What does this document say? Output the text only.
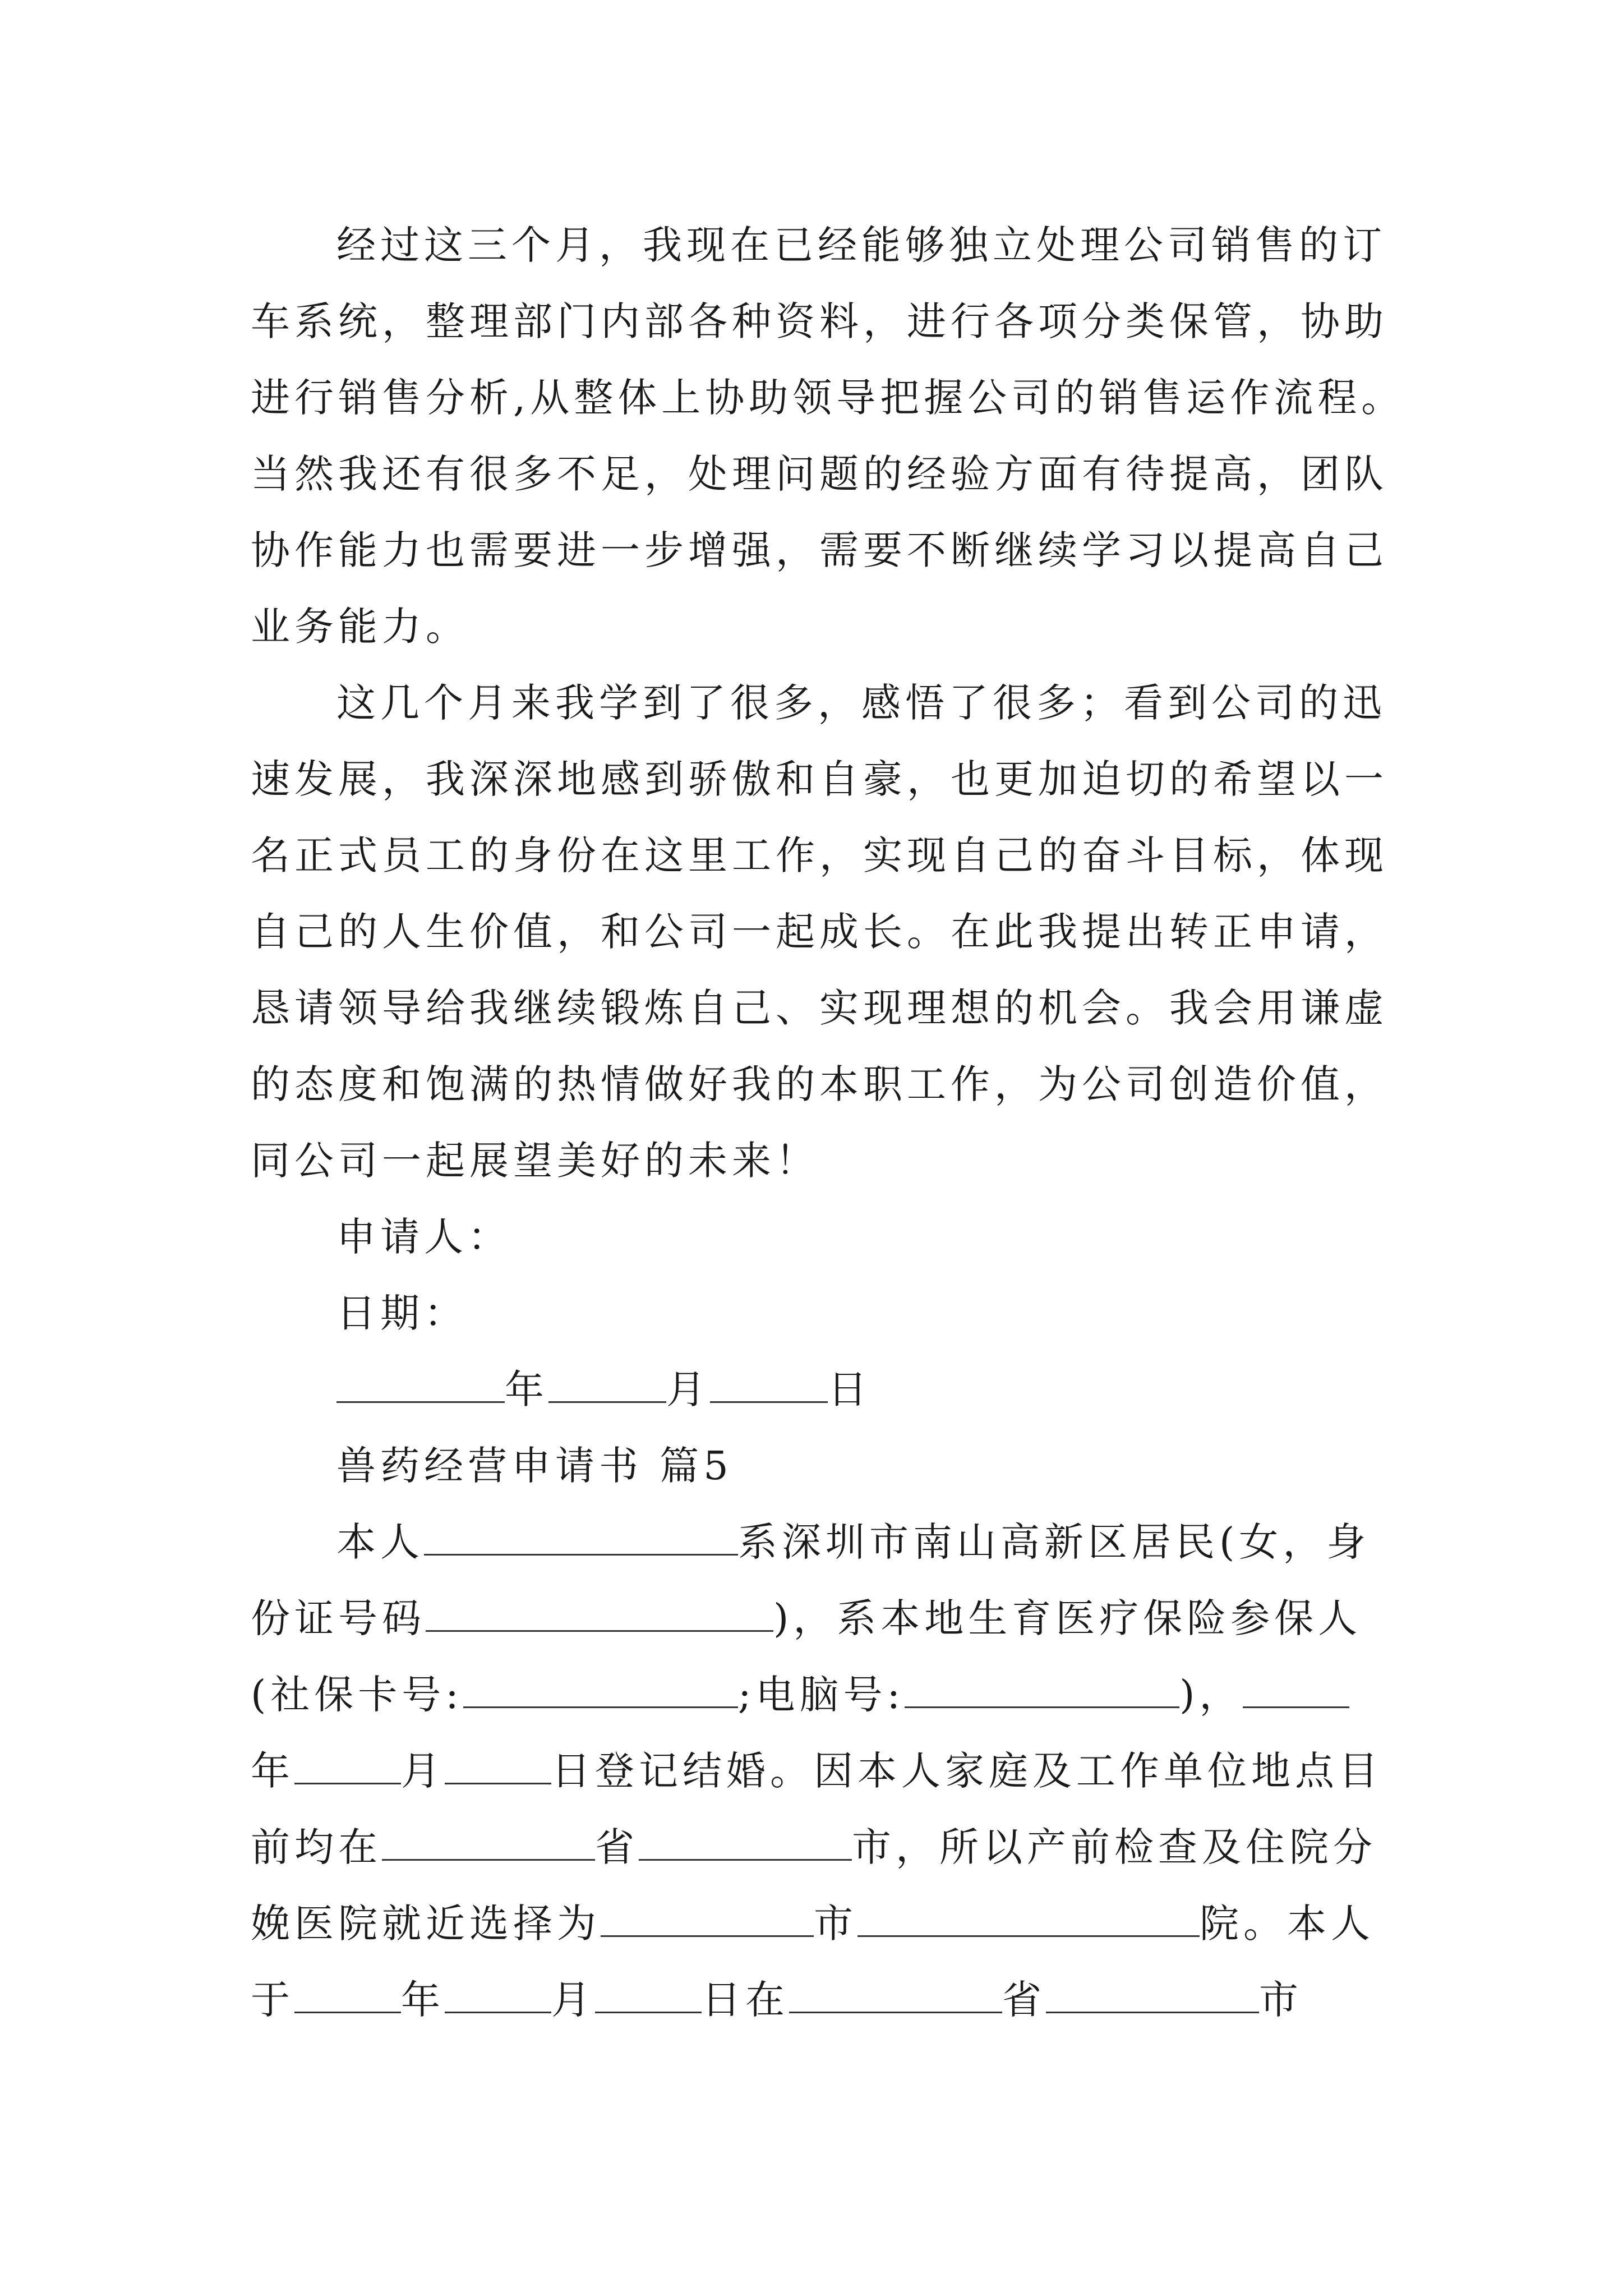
经过这三个月，我现在已经能够独立处理公司销售的订
车系统，整理部门内部各种资料，进行各项分类保管，协助
进行销售分析,从整体上协助领导把握公司的销售运作流程。
当然我还有很多不足，处理问题的经验方面有待提高，团队
协作能力也需要进一步增强，需要不断继续学习以提高自己
业务能力。
这几个月来我学到了很多，感悟了很多；看到公司的迅
速发展，我深深地感到骄傲和自豪，也更加迫切的希望以一
名正式员工的身份在这里工作，实现自己的奋斗目标，体现
自己的人生价值，和公司一起成长。在此我提出转正申请，
恳请领导给我继续锻炼自己、实现理想的机会。我会用谦虚
的态度和饱满的热情做好我的本职工作，为公司创造价值，
同公司一起展望美好的未来！
申请人：
日期：
年	月	日
兽药经营申请书 篇5
本人	系深圳市南山高新区居民(女，身
份证号码	)，系本地生育医疗保险参保人
(社保卡号:	;电脑号:	)，
年	月	日登记结婚。因本人家庭及工作单位地点目
前均在	省	市，所以产前检查及住院分
娩医院就近选择为	市	院。本人
于	年	月	日在	省	市
